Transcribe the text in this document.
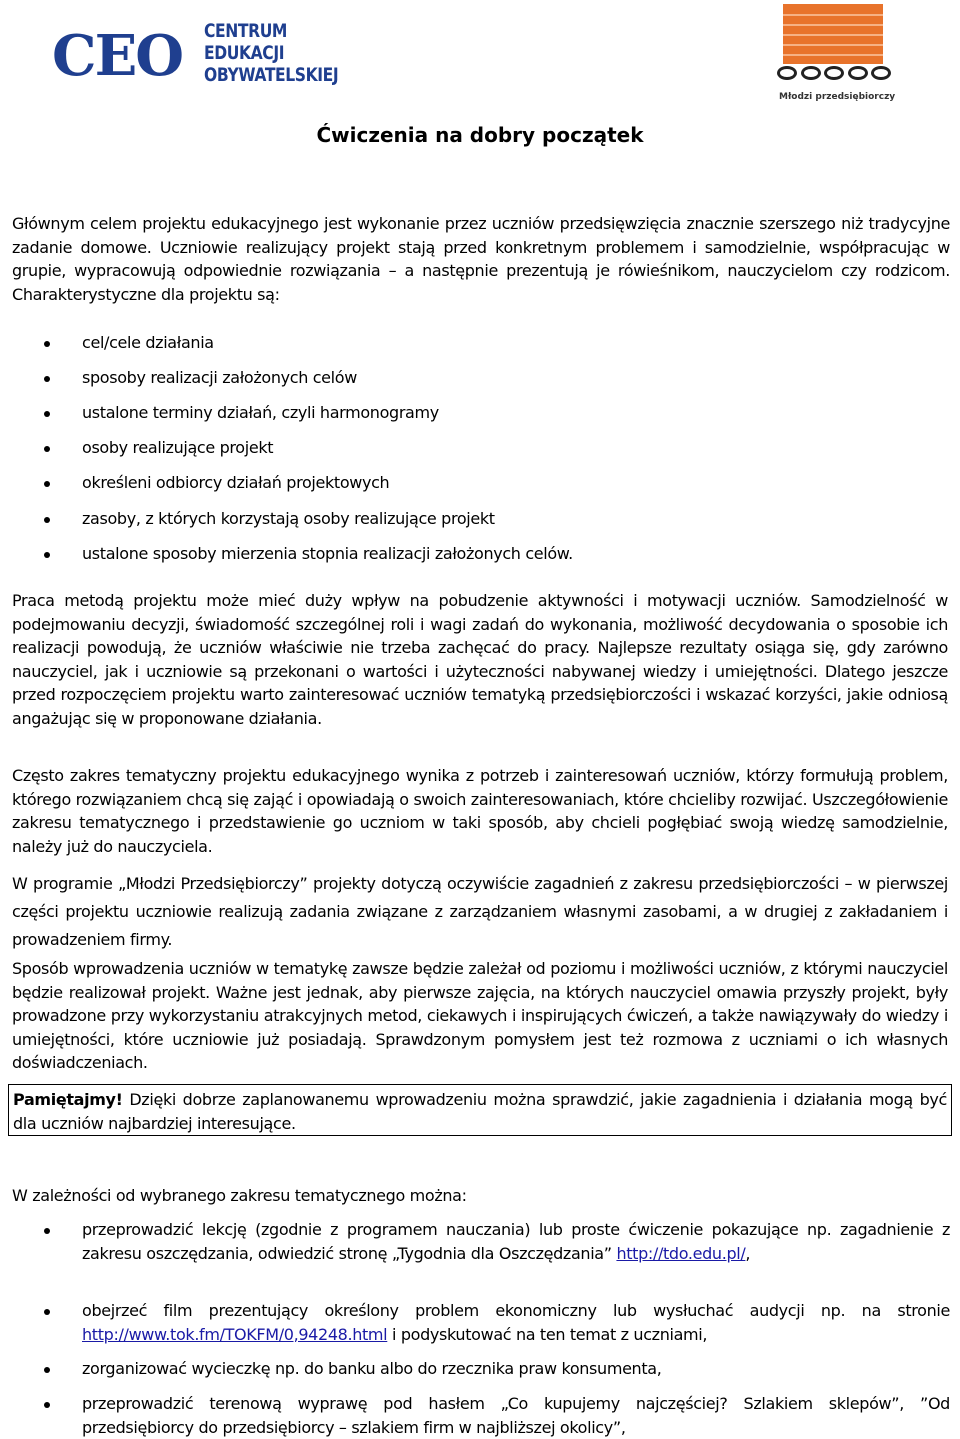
CEO CENTRUM
EDUKACJI
OBYWATELSKIEJ
Młodzi przedsiębiorczy
Ćwiczenia na dobry początek

Głównym celem projektu edukacyjnego jest wykonanie przez uczniów przedsięwzięcia znacznie szerszego niż tradycyjne zadanie domowe. Uczniowie realizujący projekt stają przed konkretnym problemem i samodzielnie, współpracując w grupie, wypracowują odpowiednie rozwiązania – a następnie prezentują je rówieśnikom, nauczycielom czy rodzicom. Charakterystyczne dla projektu są:

cel/cele działania
sposoby realizacji założonych celów
ustalone terminy działań, czyli harmonogramy
osoby realizujące projekt
określeni odbiorcy działań projektowych
zasoby, z których korzystają osoby realizujące projekt
ustalone sposoby mierzenia stopnia realizacji założonych celów.

Praca metodą projektu może mieć duży wpływ na pobudzenie aktywności i motywacji uczniów. Samodzielność w podejmowaniu decyzji, świadomość szczególnej roli i wagi zadań do wykonania, możliwość decydowania o sposobie ich realizacji powodują, że uczniów właściwie nie trzeba zachęcać do pracy. Najlepsze rezultaty osiąga się, gdy zarówno nauczyciel, jak i uczniowie są przekonani o wartości i użyteczności nabywanej wiedzy i umiejętności. Dlatego jeszcze przed rozpoczęciem projektu warto zainteresować uczniów tematyką przedsiębiorczości i wskazać korzyści, jakie odniosą angażując się w proponowane działania.

Często zakres tematyczny projektu edukacyjnego wynika z potrzeb i zainteresowań uczniów, którzy formułują problem, którego rozwiązaniem chcą się zająć i opowiadają o swoich zainteresowaniach, które chcieliby rozwijać. Uszczegółowienie zakresu tematycznego i przedstawienie go uczniom w taki sposób, aby chcieli pogłębiać swoją wiedzę samodzielnie, należy już do nauczyciela.

W programie „Młodzi Przedsiębiorczy” projekty dotyczą oczywiście zagadnień z zakresu przedsiębiorczości – w pierwszej części projektu uczniowie realizują zadania związane z zarządzaniem własnymi zasobami, a w drugiej z zakładaniem i prowadzeniem firmy.

Sposób wprowadzenia uczniów w tematykę zawsze będzie zależał od poziomu i możliwości uczniów, z którymi nauczyciel będzie realizował projekt. Ważne jest jednak, aby pierwsze zajęcia, na których nauczyciel omawia przyszły projekt, były prowadzone przy wykorzystaniu atrakcyjnych metod, ciekawych i inspirujących ćwiczeń, a także nawiązywały do wiedzy i umiejętności, które uczniowie już posiadają. Sprawdzonym pomysłem jest też rozmowa z uczniami o ich własnych doświadczeniach.

Pamiętajmy! Dzięki dobrze zaplanowanemu wprowadzeniu można sprawdzić, jakie zagadnienia i działania mogą być dla uczniów najbardziej interesujące.

W zależności od wybranego zakresu tematycznego można:

przeprowadzić lekcję (zgodnie z programem nauczania) lub proste ćwiczenie pokazujące np. zagadnienie z zakresu oszczędzania, odwiedzić stronę „Tygodnia dla Oszczędzania” http://tdo.edu.pl/,
obejrzeć film prezentujący określony problem ekonomiczny lub wysłuchać audycji np. na stronie http://www.tok.fm/TOKFM/0,94248.html i podyskutować na ten temat z uczniami,
zorganizować wycieczkę np. do banku albo do rzecznika praw konsumenta,
przeprowadzić terenową wyprawę pod hasłem „Co kupujemy najczęściej? Szlakiem sklepów”, ”Od przedsiębiorcy do przedsiębiorcy – szlakiem firm w najbliższej okolicy”,
